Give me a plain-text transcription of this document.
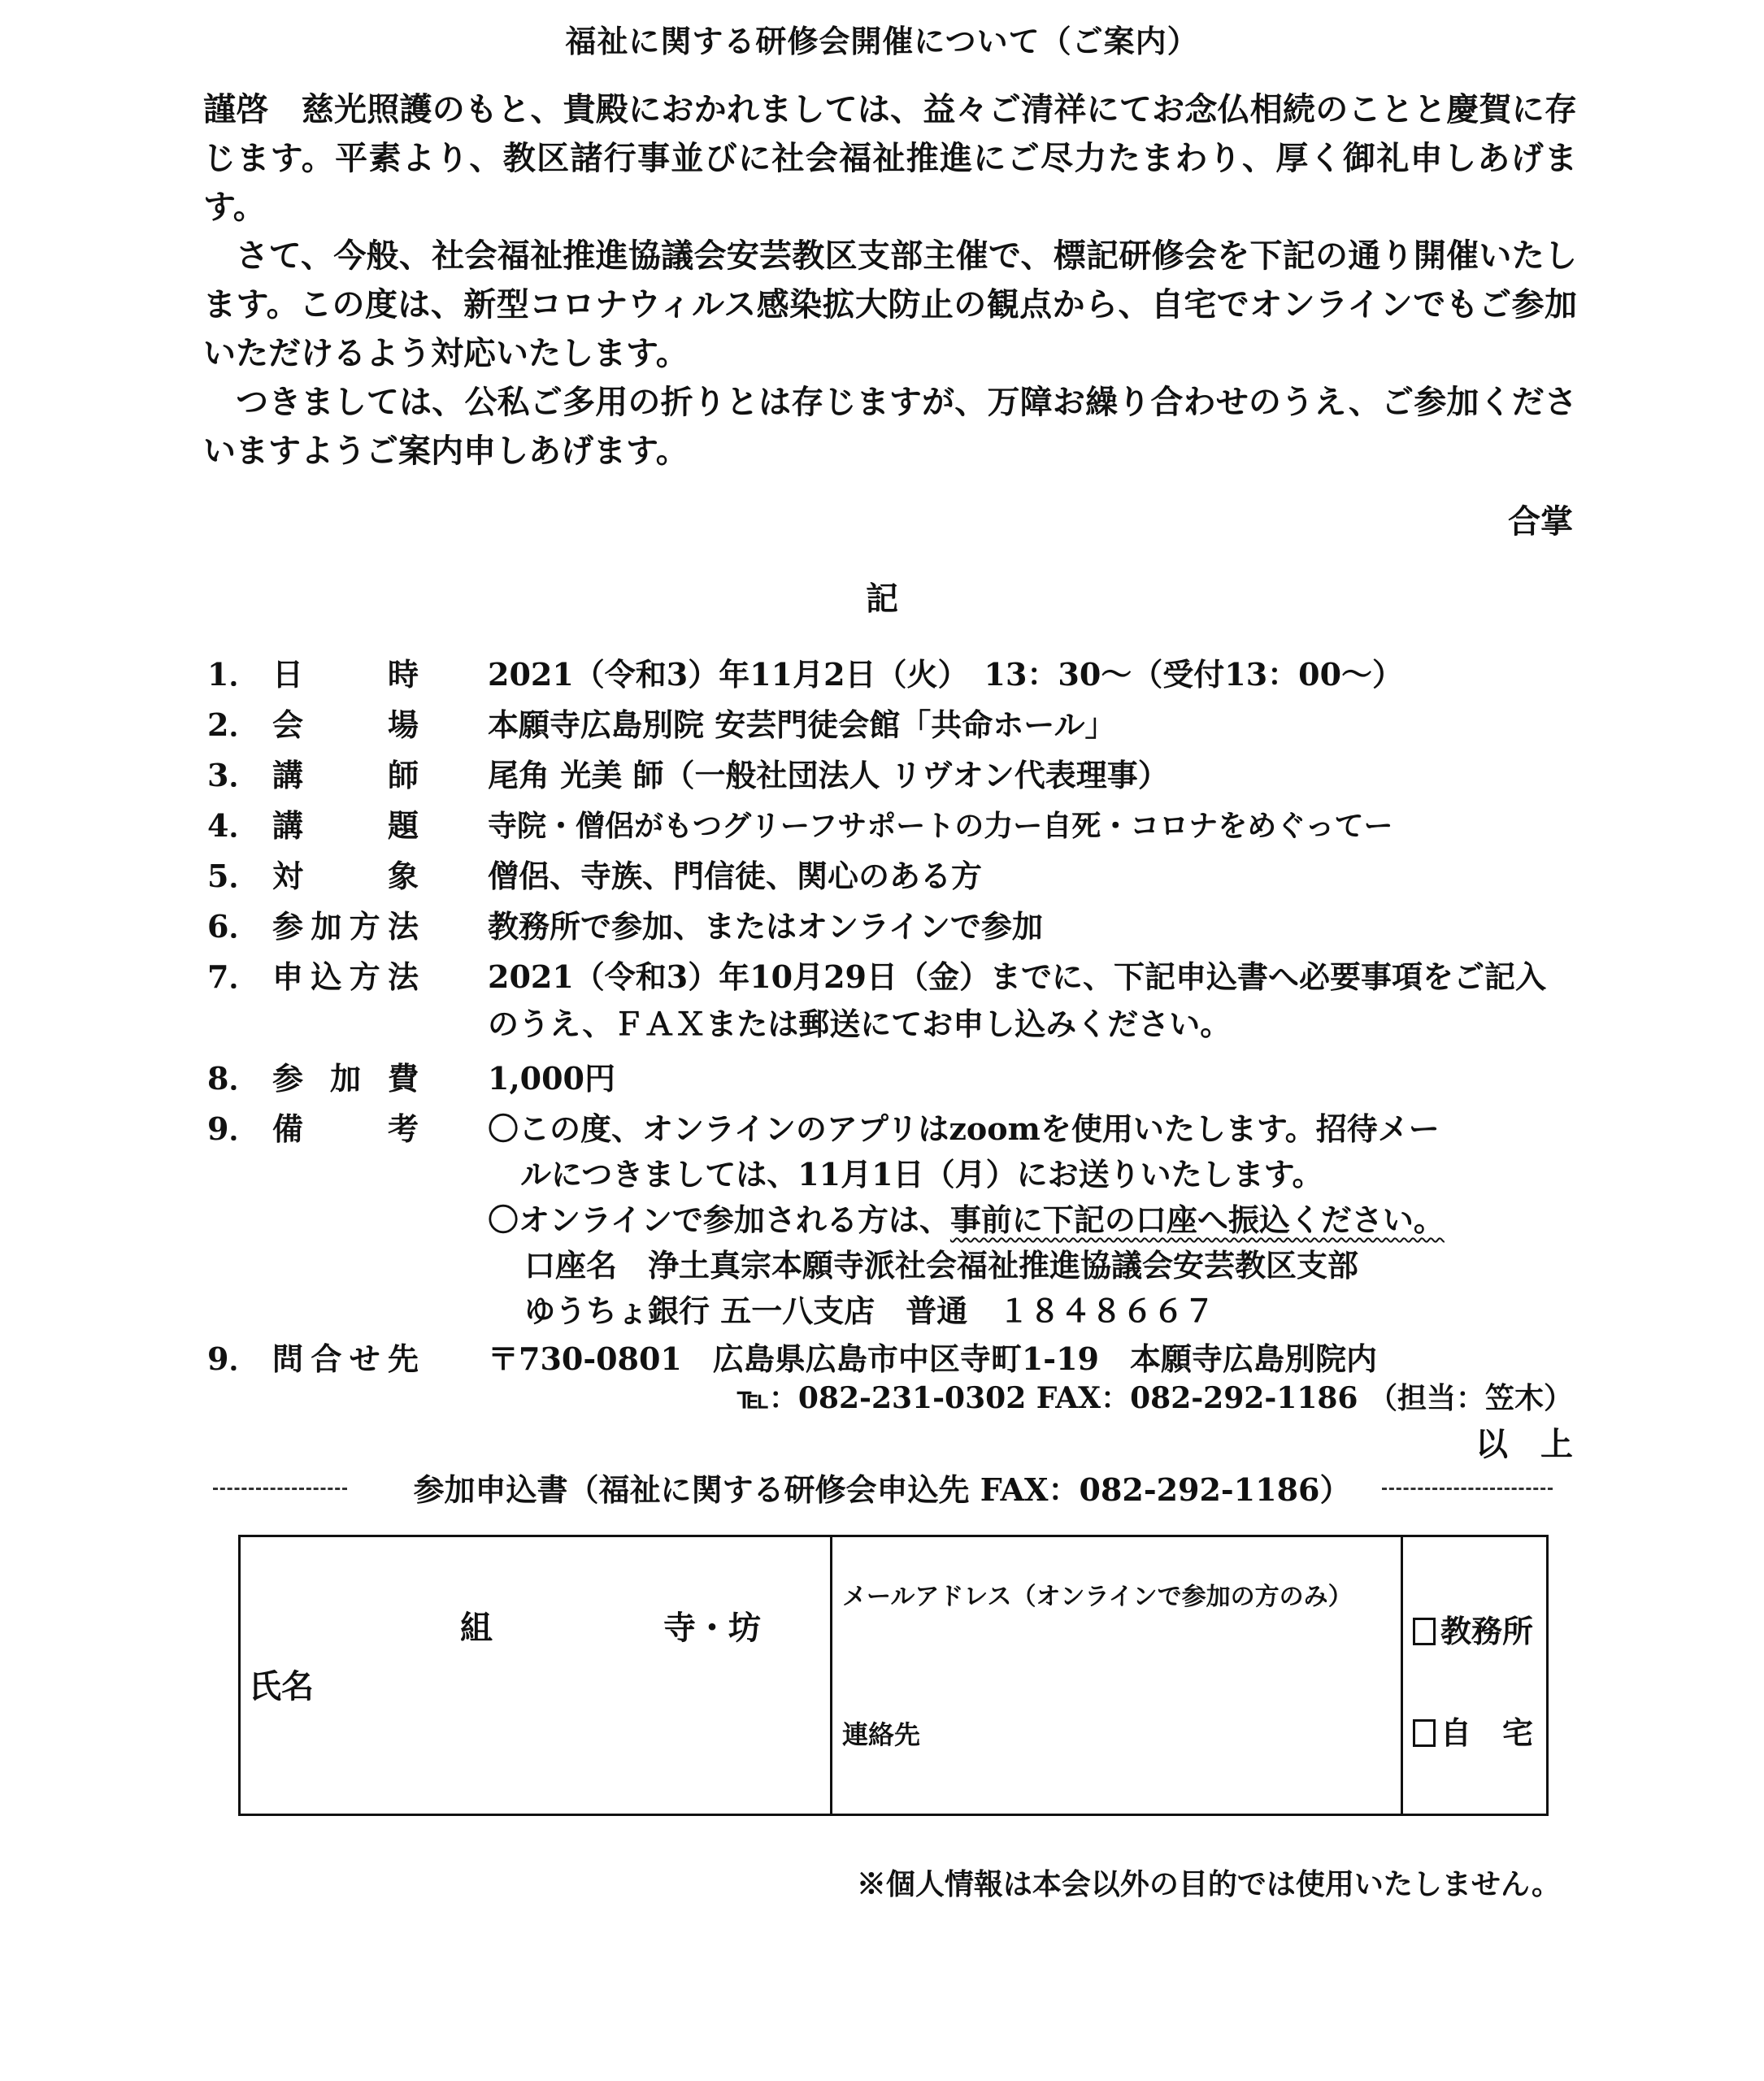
福祉に関する研修会開催について（ご案内）

謹啓　慈光照護のもと、貴殿におかれましては、益々ご清祥にてお念仏相続のことと慶賀に存じます。平素より、教区諸行事並びに社会福祉推進にご尽力たまわり、厚く御礼申しあげます。

　さて、今般、社会福祉推進協議会安芸教区支部主催で、標記研修会を下記の通り開催いたします。この度は、新型コロナウィルス感染拡大防止の観点から、自宅でオンラインでもご参加いただけるよう対応いたします。

　つきましては、公私ご多用の折りとは存じますが、万障お繰り合わせのうえ、ご参加くださいますようご案内申しあげます。

合掌
記
1． 日時 2021（令和3）年11月2日（火）　13：30～（受付13：00～）
2． 会場 本願寺広島別院 安芸門徒会館「共命ホール」
3． 講師 尾角 光美 師（一般社団法人 リヴオン代表理事）
4． 講題 寺院・僧侶がもつグリーフサポートの力ー自死・コロナをめぐってー
5． 対象 僧侶、寺族、門信徒、関心のある方
6． 参加方法 教務所で参加、またはオンラインで参加
7． 申込方法 2021（令和3）年10月29日（金）までに、下記申込書へ必要事項をご記入
のうえ、ＦＡＸまたは郵送にてお申し込みください。
8． 参加費 1,000円
9． 備考 〇この度、オンラインのアプリはzoomを使用いたします。招待メー
ルにつきましては、11月1日（月）にお送りいたします。
〇オンラインで参加される方は、事前に下記の口座へ振込ください。
口座名　浄土真宗本願寺派社会福祉推進協議会安芸教区支部
ゆうちょ銀行 五一八支店　普通　１８４８６６７
9． 問合せ先 〒730-0801　広島県広島市中区寺町1-19　本願寺広島別院内
℡：082-231-0302 FAX：082-292-1186 （担当：笠木）
以　上
参加申込書（福祉に関する研修会申込先 FAX：082-292-1186）
組	寺・坊
氏名
メールアドレス（オンラインで参加の方のみ）
連絡先
教務所
自　宅
※個人情報は本会以外の目的では使用いたしません。
